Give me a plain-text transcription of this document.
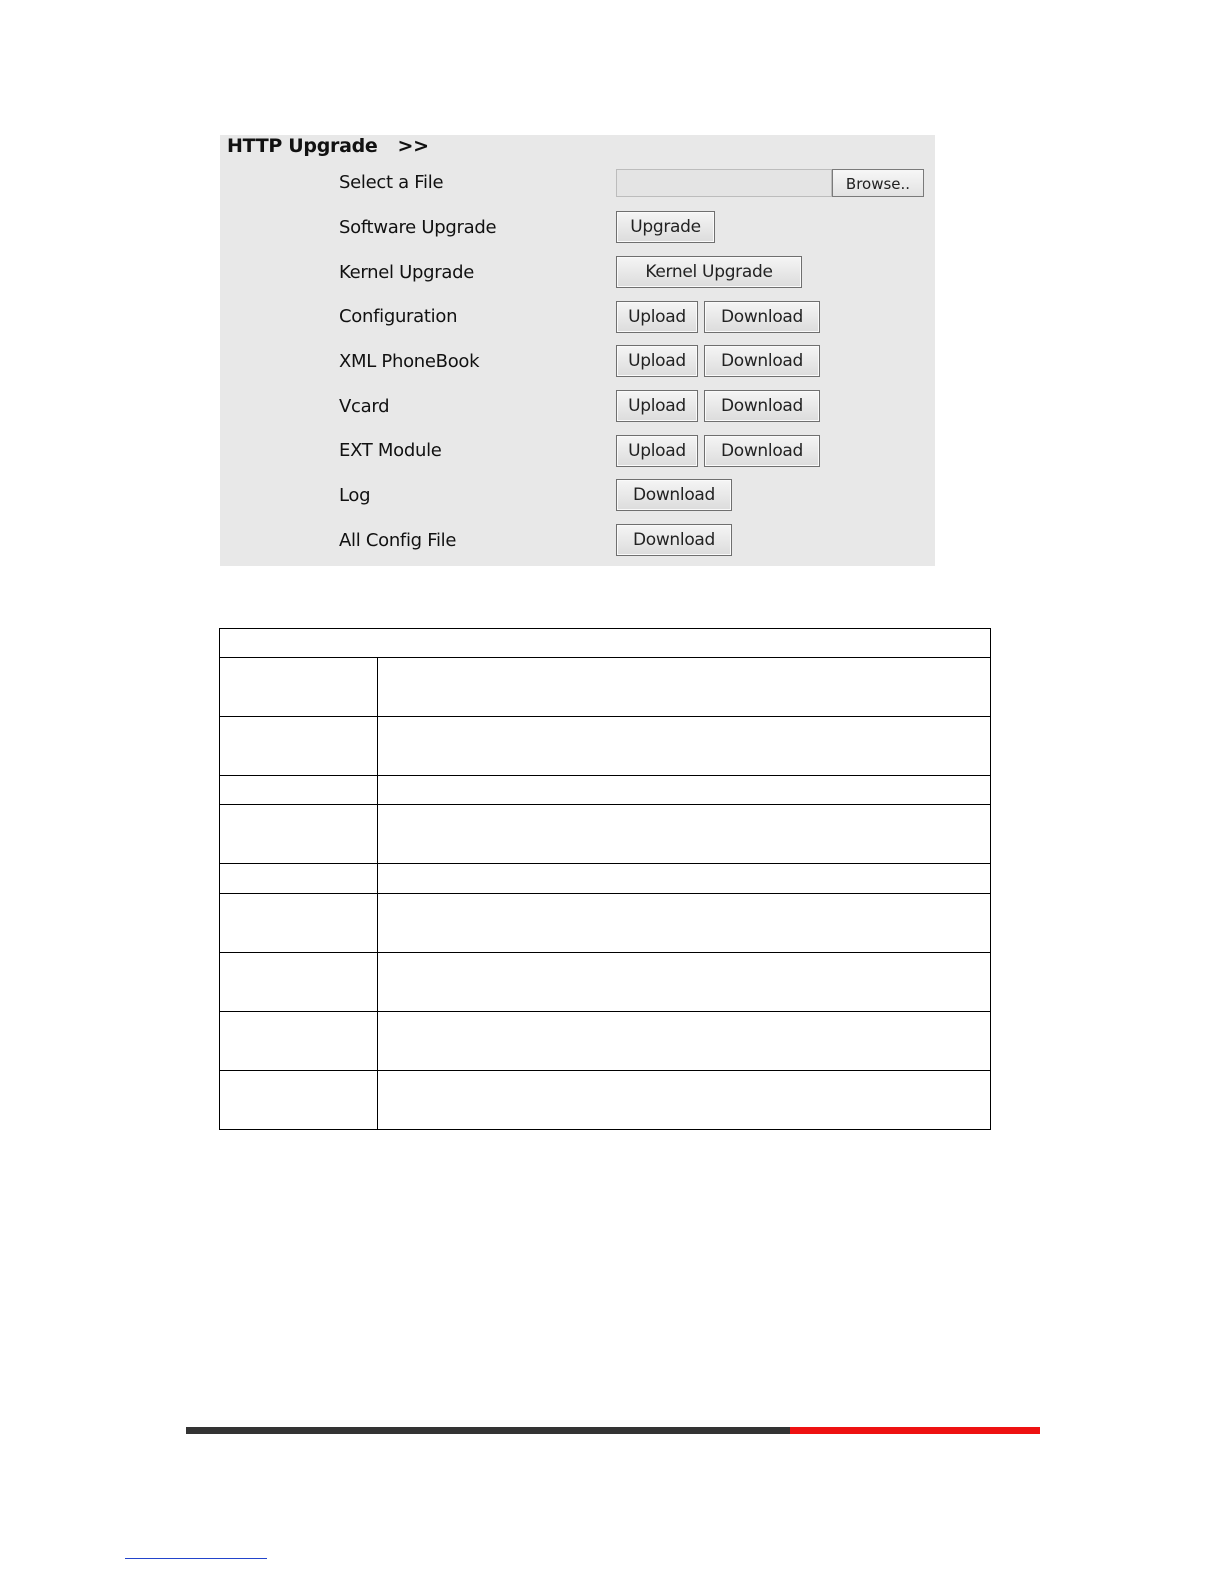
HTTP Upgrade >>
Select a File	Browse..
Software Upgrade	Upgrade
Kernel Upgrade	Kernel Upgrade
Configuration	Upload	Download
XML PhoneBook	Upload	Download
Vcard	Upload	Download
EXT Module	Upload	Download
Log	Download
All Config File	Download
